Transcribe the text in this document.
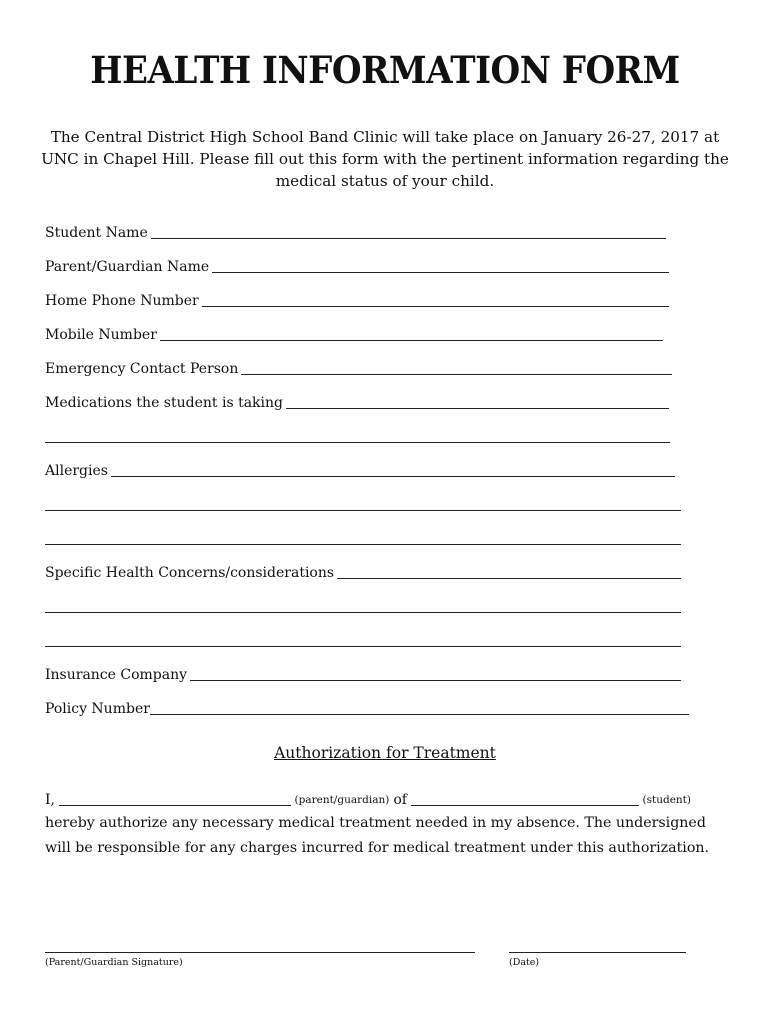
HEALTH INFORMATION FORM
The Central District High School Band Clinic will take place on January 26-27, 2017 at UNC in Chapel Hill. Please fill out this form with the pertinent information regarding the medical status of your child.
Student Name
Parent/Guardian Name
Home Phone Number
Mobile Number
Emergency Contact Person
Medications the student is taking
Allergies
Specific Health Concerns/considerations
Insurance Company
Policy Number
Authorization for Treatment
I,	(parent/guardian) of	(student)
hereby authorize any necessary medical treatment needed in my absence. The undersigned will be responsible for any charges incurred for medical treatment under this authorization.
(Parent/Guardian Signature)	(Date)
